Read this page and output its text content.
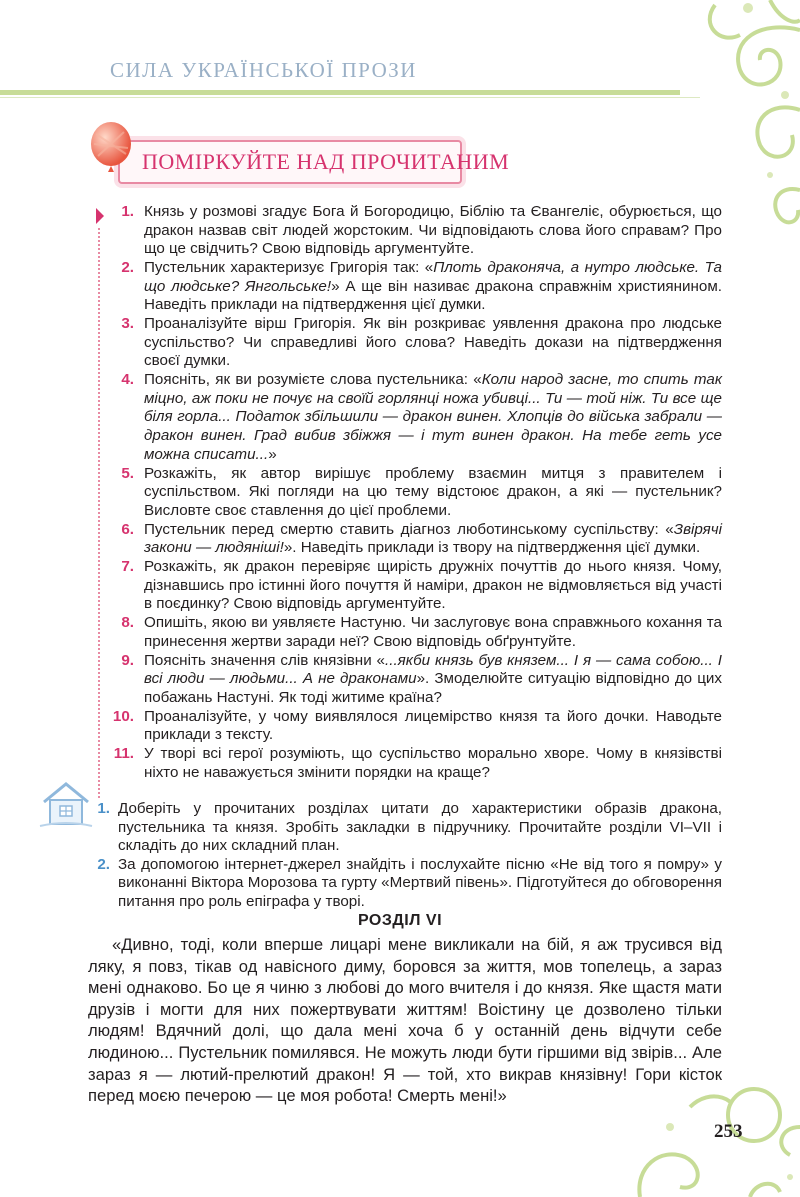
СИЛА УКРАЇНСЬКОЇ ПРОЗИ
ПОМІРКУЙТЕ НАД ПРОЧИТАНИМ
1. Князь у розмові згадує Бога й Богородицю, Біблію та Євангеліє, обурюється, що дракон назвав світ людей жорстоким. Чи відповідають слова його справам? Про що це свідчить? Свою відповідь аргументуйте.
2. Пустельник характеризує Григорія так: «Плоть драконяча, а нутро людське. Та що людське? Янгольське!» А ще він називає дракона справжнім християнином. Наведіть приклади на підтвердження цієї думки.
3. Проаналізуйте вірш Григорія. Як він розкриває уявлення дракона про людське суспільство? Чи справедливі його слова? Наведіть докази на підтвердження своєї думки.
4. Поясніть, як ви розумієте слова пустельника: «Коли народ засне, то спить так міцно, аж поки не почує на своїй горлянці ножа убивці... Ти — той ніж. Ти все ще біля горла... Податок збільшили — дракон винен. Хлопців до війська забрали — дракон винен. Град вибив збіжжя — і тут винен дракон. На тебе геть усе можна списати...»
5. Розкажіть, як автор вирішує проблему взаємин митця з правителем і суспільством. Які погляди на цю тему відстоює дракон, а які — пустельник? Висловте своє ставлення до цієї проблеми.
6. Пустельник перед смертю ставить діагноз люботинському суспільству: «Звірячі закони — людяніші!». Наведіть приклади із твору на підтвердження цієї думки.
7. Розкажіть, як дракон перевіряє щирість дружніх почуттів до нього князя. Чому, дізнавшись про істинні його почуття й наміри, дракон не відмовляється від участі в поєдинку? Свою відповідь аргументуйте.
8. Опишіть, якою ви уявляєте Настуню. Чи заслуговує вона справжнього кохання та принесення жертви заради неї? Свою відповідь обґрунтуйте.
9. Поясніть значення слів князівни «...якби князь був князем... І я — сама собою... І всі люди — людьми... А не драконами». Змоделюйте ситуацію відповідно до цих побажань Настуні. Як тоді житиме країна?
10. Проаналізуйте, у чому виявлялося лицемірство князя та його дочки. Наводьте приклади з тексту.
11. У творі всі герої розуміють, що суспільство морально хворе. Чому в князівстві ніхто не наважується змінити порядки на краще?
1. Доберіть у прочитаних розділах цитати до характеристики образів дракона, пустельника та князя. Зробіть закладки в підручнику. Прочитайте розділи VI–VII і складіть до них складний план.
2. За допомогою інтернет-джерел знайдіть і послухайте пісню «Не від того я помру» у виконанні Віктора Морозова та гурту «Мертвий півень». Підготуйтеся до обговорення питання про роль епіграфа у творі.
РОЗДІЛ VI

«Дивно, тоді, коли вперше лицарі мене викликали на бій, я аж трусився від ляку, я повз, тікав од навісного диму, боровся за життя, мов топелець, а зараз мені однаково. Бо це я чиню з любові до мого вчителя і до князя. Яке щастя мати друзів і могти для них пожертвувати життям! Воістину це дозволено тільки людям! Вдячний долі, що дала мені хоча б у останній день відчути себе людиною... Пустельник помилявся. Не можуть люди бути гіршими від звірів... Але зараз я — лютий-прелютий дракон! Я — той, хто викрав князівну! Гори кісток перед моєю печерою — це моя робота! Смерть мені!»

253
